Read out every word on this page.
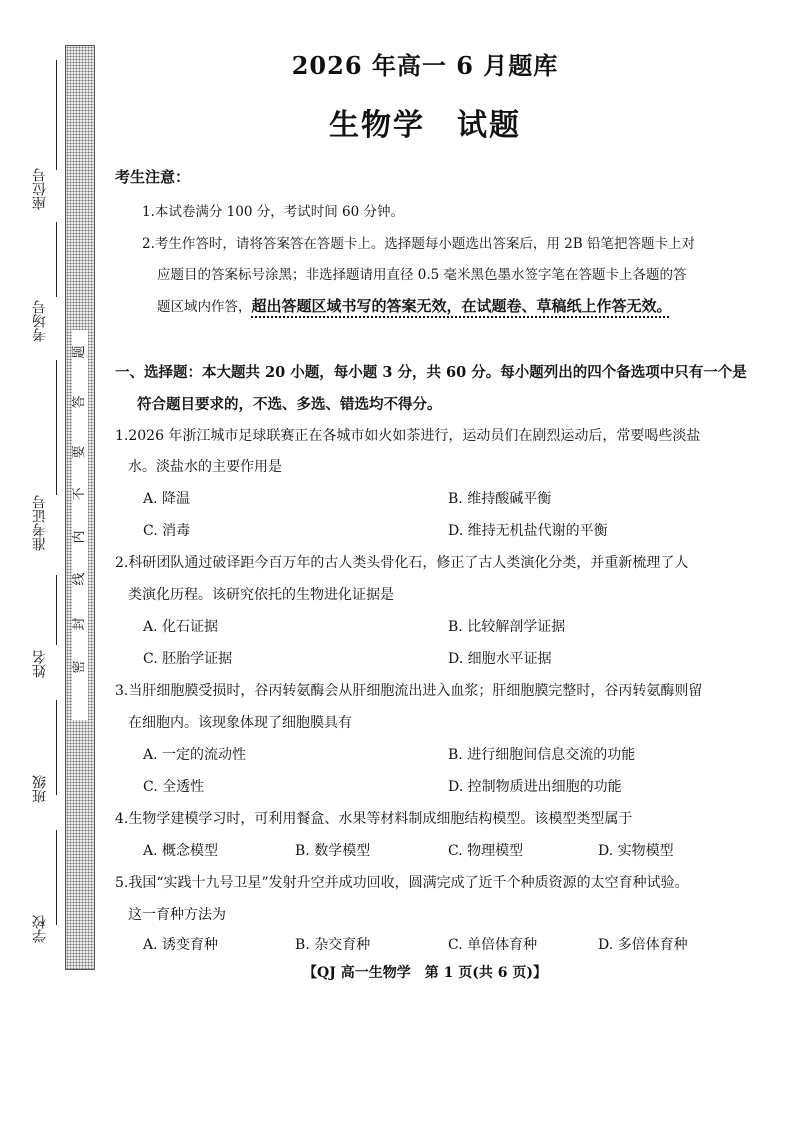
座位号
考场号
准考证号
姓名
班级
学校
题
答
要
不
内
线
封
密
2026 年高一 6 月题库
生物学　试题
考生注意：
1.本试卷满分 100 分，考试时间 60 分钟。
2.考生作答时，请将答案答在答题卡上。选择题每小题选出答案后，用 2B 铅笔把答题卡上对
应题目的答案标号涂黑；非选择题请用直径 0.5 毫米黑色墨水签字笔在答题卡上各题的答
题区域内作答，超出答题区域书写的答案无效，在试题卷、草稿纸上作答无效。
一、选择题：本大题共 20 小题，每小题 3 分，共 60 分。每小题列出的四个备选项中只有一个是
符合题目要求的，不选、多选、错选均不得分。
1.2026 年浙江城市足球联赛正在各城市如火如荼进行，运动员们在剧烈运动后，常要喝些淡盐
水。淡盐水的主要作用是
A. 降温	B. 维持酸碱平衡
C. 消毒	D. 维持无机盐代谢的平衡
2.科研团队通过破译距今百万年的古人类头骨化石，修正了古人类演化分类，并重新梳理了人
类演化历程。该研究依托的生物进化证据是
A. 化石证据	B. 比较解剖学证据
C. 胚胎学证据	D. 细胞水平证据
3.当肝细胞膜受损时，谷丙转氨酶会从肝细胞流出进入血浆；肝细胞膜完整时，谷丙转氨酶则留
在细胞内。该现象体现了细胞膜具有
A. 一定的流动性	B. 进行细胞间信息交流的功能
C. 全透性	D. 控制物质进出细胞的功能
4.生物学建模学习时，可利用餐盒、水果等材料制成细胞结构模型。该模型类型属于
A. 概念模型	B. 数学模型	C. 物理模型	D. 实物模型
5.我国“实践十九号卫星”发射升空并成功回收，圆满完成了近千个种质资源的太空育种试验。
这一育种方法为
A. 诱变育种	B. 杂交育种	C. 单倍体育种	D. 多倍体育种
【QJ 高一生物学　第 1 页(共 6 页)】
